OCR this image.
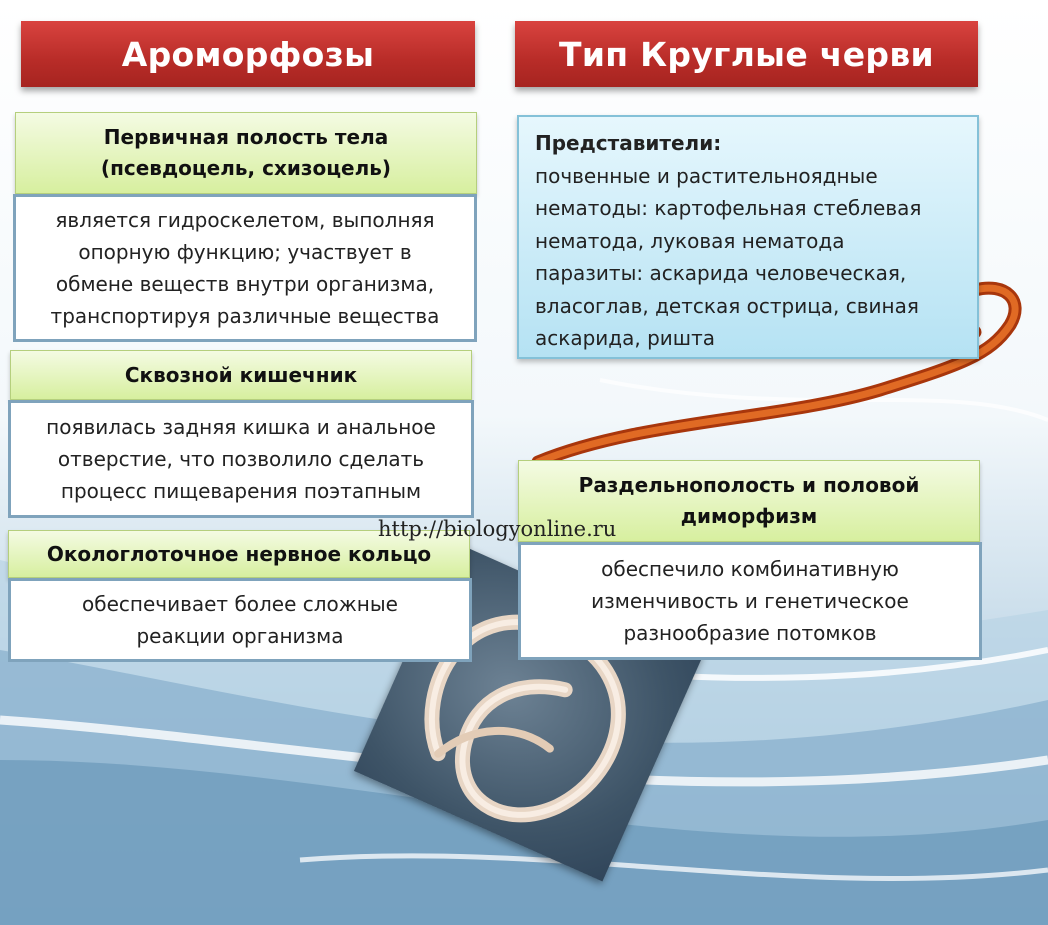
Ароморфозы	Тип Круглые черви
Первичная полость тела
(псевдоцель, схизоцель)
является гидроскелетом, выполняя
опорную функцию; участвует в
обмене веществ внутри организма,
транспортируя различные вещества
Сквозной кишечник
появилась задняя кишка и анальное
отверстие, что позволило сделать
процесс пищеварения поэтапным
Окологлоточное нервное кольцо
обеспечивает более сложные
реакции организма
Представители:
почвенные и растительноядные
нематоды: картофельная стеблевая
нематода, луковая нематода
паразиты: аскарида человеческая,
власоглав, детская острица, свиная
аскарида, ришта
Раздельнополость и половой
диморфизм
обеспечило комбинативную
изменчивость и генетическое
разнообразие потомков
http://biologyonline.ru
